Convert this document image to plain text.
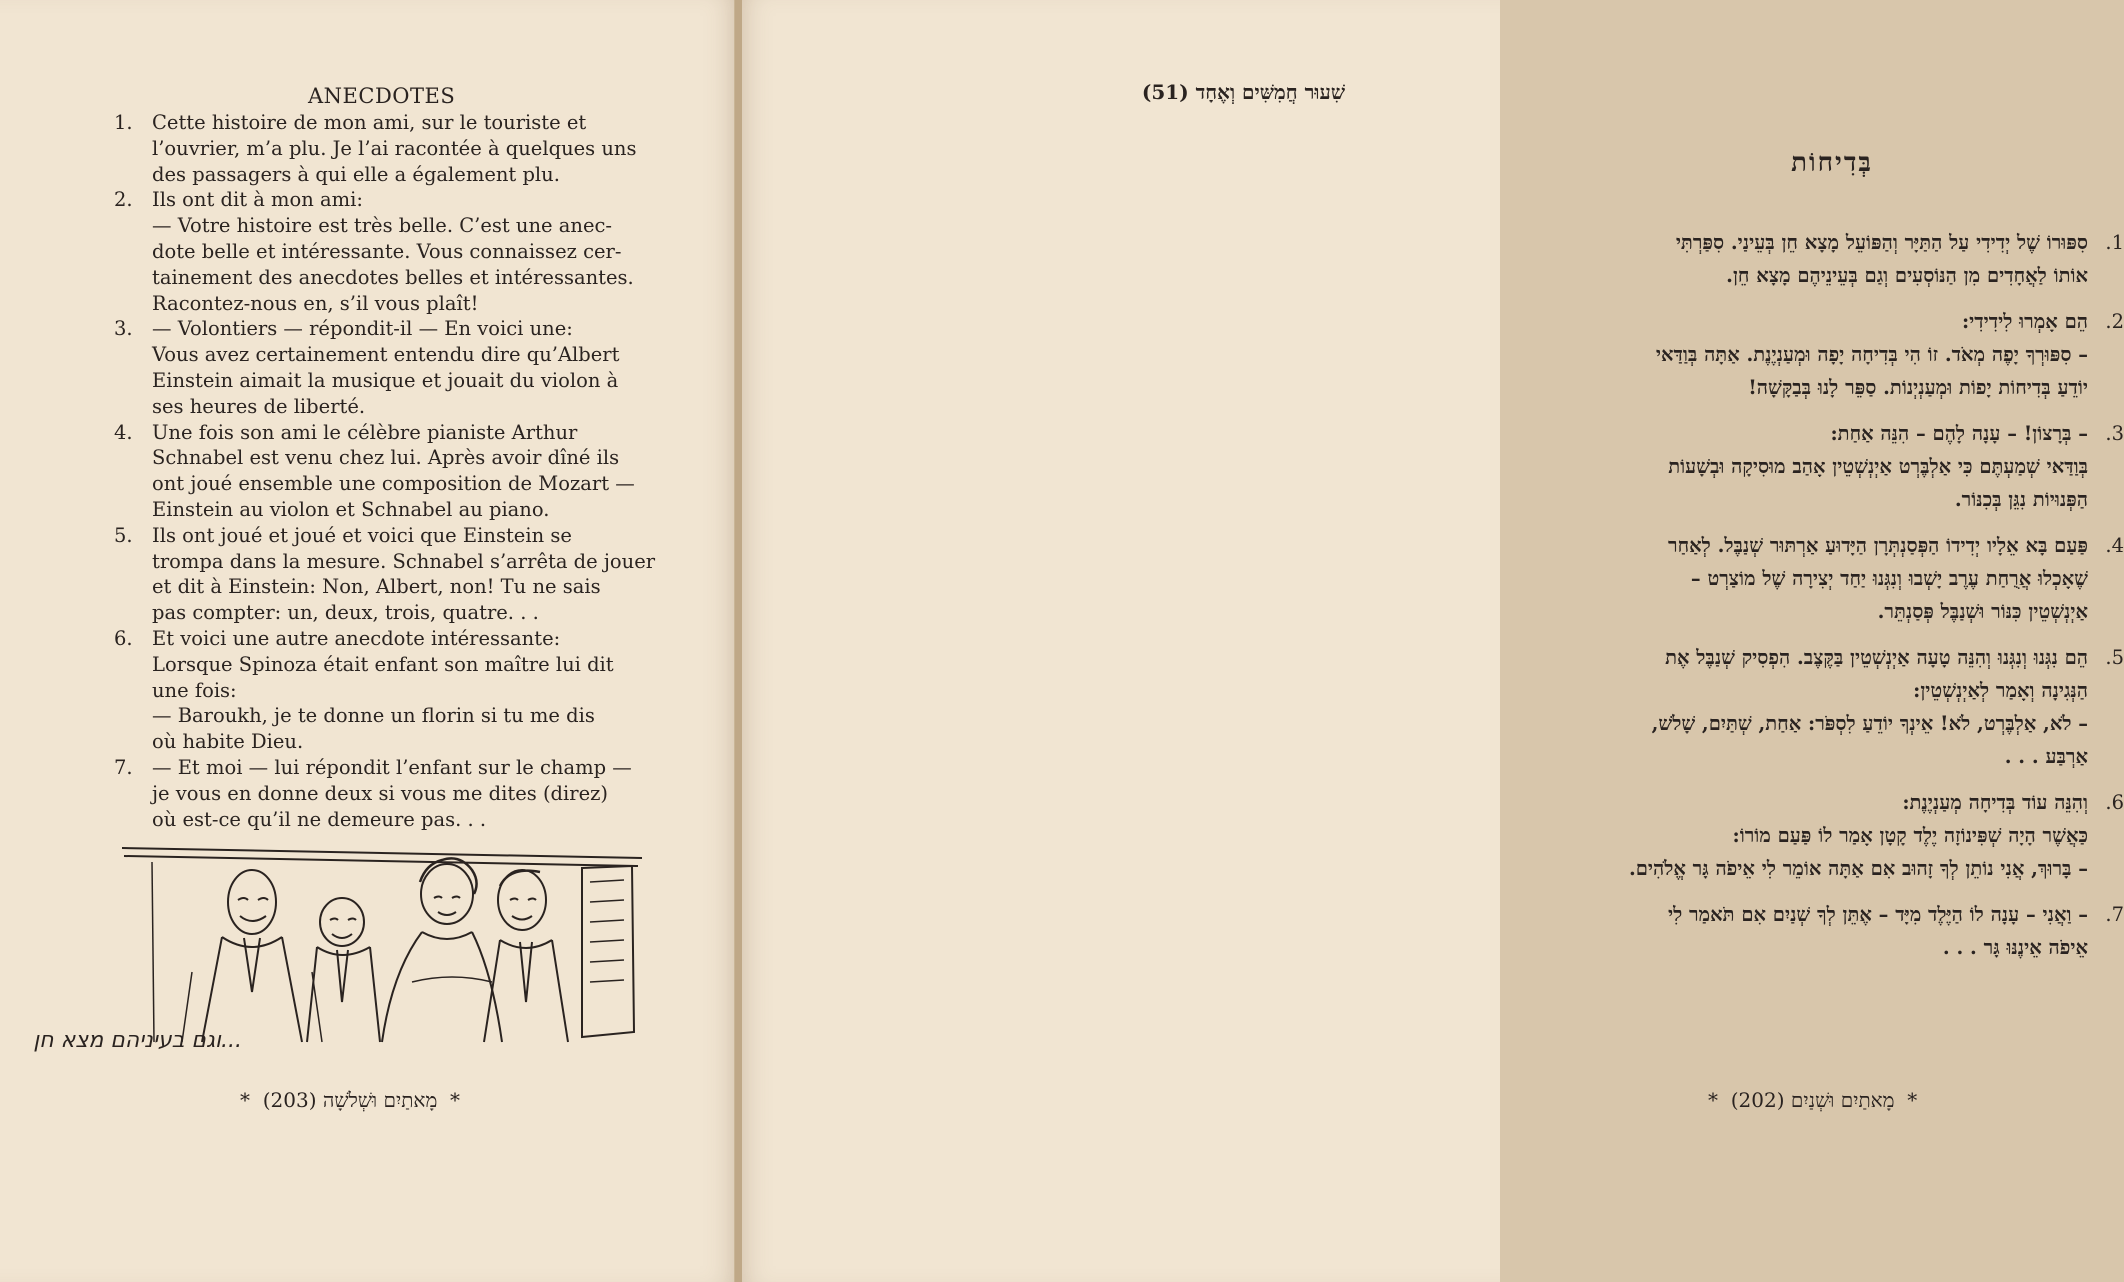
ANECDOTES
1. Cette histoire de mon ami, sur le touriste et
l’ouvrier, m’a plu. Je l’ai racontée à quelques uns
des passagers à qui elle a également plu.
2. Ils ont dit à mon ami:
— Votre histoire est très belle. C’est une anec-
dote belle et intéressante. Vous connaissez cer-
tainement des anecdotes belles et intéressantes.
Racontez-nous en, s’il vous plaît!
3. — Volontiers — répondit-il — En voici une:
Vous avez certainement entendu dire qu’Albert
Einstein aimait la musique et jouait du violon à
ses heures de liberté.
4. Une fois son ami le célèbre pianiste Arthur
Schnabel est venu chez lui. Après avoir dîné ils
ont joué ensemble une composition de Mozart —
Einstein au violon et Schnabel au piano.
5. Ils ont joué et joué et voici que Einstein se
trompa dans la mesure. Schnabel s’arrêta de jouer
et dit à Einstein: Non, Albert, non! Tu ne sais
pas compter: un, deux, trois, quatre. . .
6. Et voici une autre anecdote intéressante:
Lorsque Spinoza était enfant son maître lui dit
une fois:
— Baroukh, je te donne un florin si tu me dis
où habite Dieu.
7. — Et moi — lui répondit l’enfant sur le champ —
je vous en donne deux si vous me dites (direz)
où est-ce qu’il ne demeure pas. . .
...וגם בעיניהם מצא חן
*  (203) מָאתַיִם וּשְׁלֹשָׁה  *
שִׁעוּר חֲמִשִּׁים וְאֶחָד (51)
בְּדִיחוֹת
.1
סִפּוּרוֹ שֶׁל יְדִידִי עַל הַתַּיָּר וְהַפּוֹעֵל מָצָא חֵן בְּעֵינַי. סִפַּרְתִּי
אוֹתוֹ לַאֲחָדִים מִן הַנּוֹסְעִים וְגַם בְּעֵינֵיהֶם מָצָא חֵן.
.2
הֵם אָמְרוּ לִידִידִי:
– סִפּוּרְךָ יָפֶה מְאֹד. זוֹ הִי בְּדִיחָה יָפָה וּמְעַנְיֶנֶת. אַתָּה בְּוַדַּאי
יוֹדֵעַ בְּדִיחוֹת יָפוֹת וּמְעַנְיְנוֹת. סַפֵּר לָנוּ בְּבַקָּשָׁה!
.3
– בְּרָצוֹן! – עָנָה לָהֶם – הִנֵּה אַחַת:
בְּוַדַּאי שְׁמַעְתֶּם כִּי אַלְבֶּרְט אַיְנְשְׁטֵין אָהַב מוּסִיקָה וּבְשָׁעוֹת
הַפְּנוּיוֹת נִגֵּן בְּכִנּוֹר.
.4
פַּעַם בָּא אֵלָיו יְדִידוֹ הַפְּסַנְתְּרָן הַיָּדוּעַ אַרְתּוּר שְׁנַבֶּל. לְאַחַר
שֶׁאָכְלוּ אֲרֻחַת עֶרֶב יָשְׁבוּ וְנִגְּנוּ יַחַד יְצִירָה שֶׁל מוֹצַרְט –
אַיְנְשְׁטֵין כִּנּוֹר וּשְׁנַבֶּל פְּסַנְתֵּר.
.5
הֵם נִגְּנוּ וְנִגְּנוּ וְהִנֵּה טָעָה אַיְנְשְׁטֵין בַּקֶּצֶב. הִפְסִיק שְׁנַבֶּל אֶת
הַנְּגִינָה וְאָמַר לְאַיְנְשְׁטֵין:
– לֹא, אַלְבֶּרְט, לֹא! אֵינְךָ יוֹדֵעַ לִסְפֹּר: אַחַת, שְׁתַּיִם, שָׁלֹשׁ,
אַרְבַּע . . .
.6
וְהִנֵּה עוֹד בְּדִיחָה מְעַנְיֶנֶת:
כַּאֲשֶׁר הָיָה שְׁפִּינוֹזָה יֶלֶד קָטָן אָמַר לוֹ פַּעַם מוֹרוֹ:
– בָּרוּךְ, אֲנִי נוֹתֵן לְךָ זָהוּב אִם אַתָּה אוֹמֵר לִי אֵיפֹה גָּר אֱלֹהִים.
.7
– וַאֲנִי – עָנָה לוֹ הַיֶּלֶד מִיָּד – אֶתֵּן לְךָ שְׁנַיִם אִם תֹּאמַר לִי
אֵיפֹה אֵינֶנּוּ גָּר . . .
*  (202) מָאתַיִם וּשְׁנַיִם  *
